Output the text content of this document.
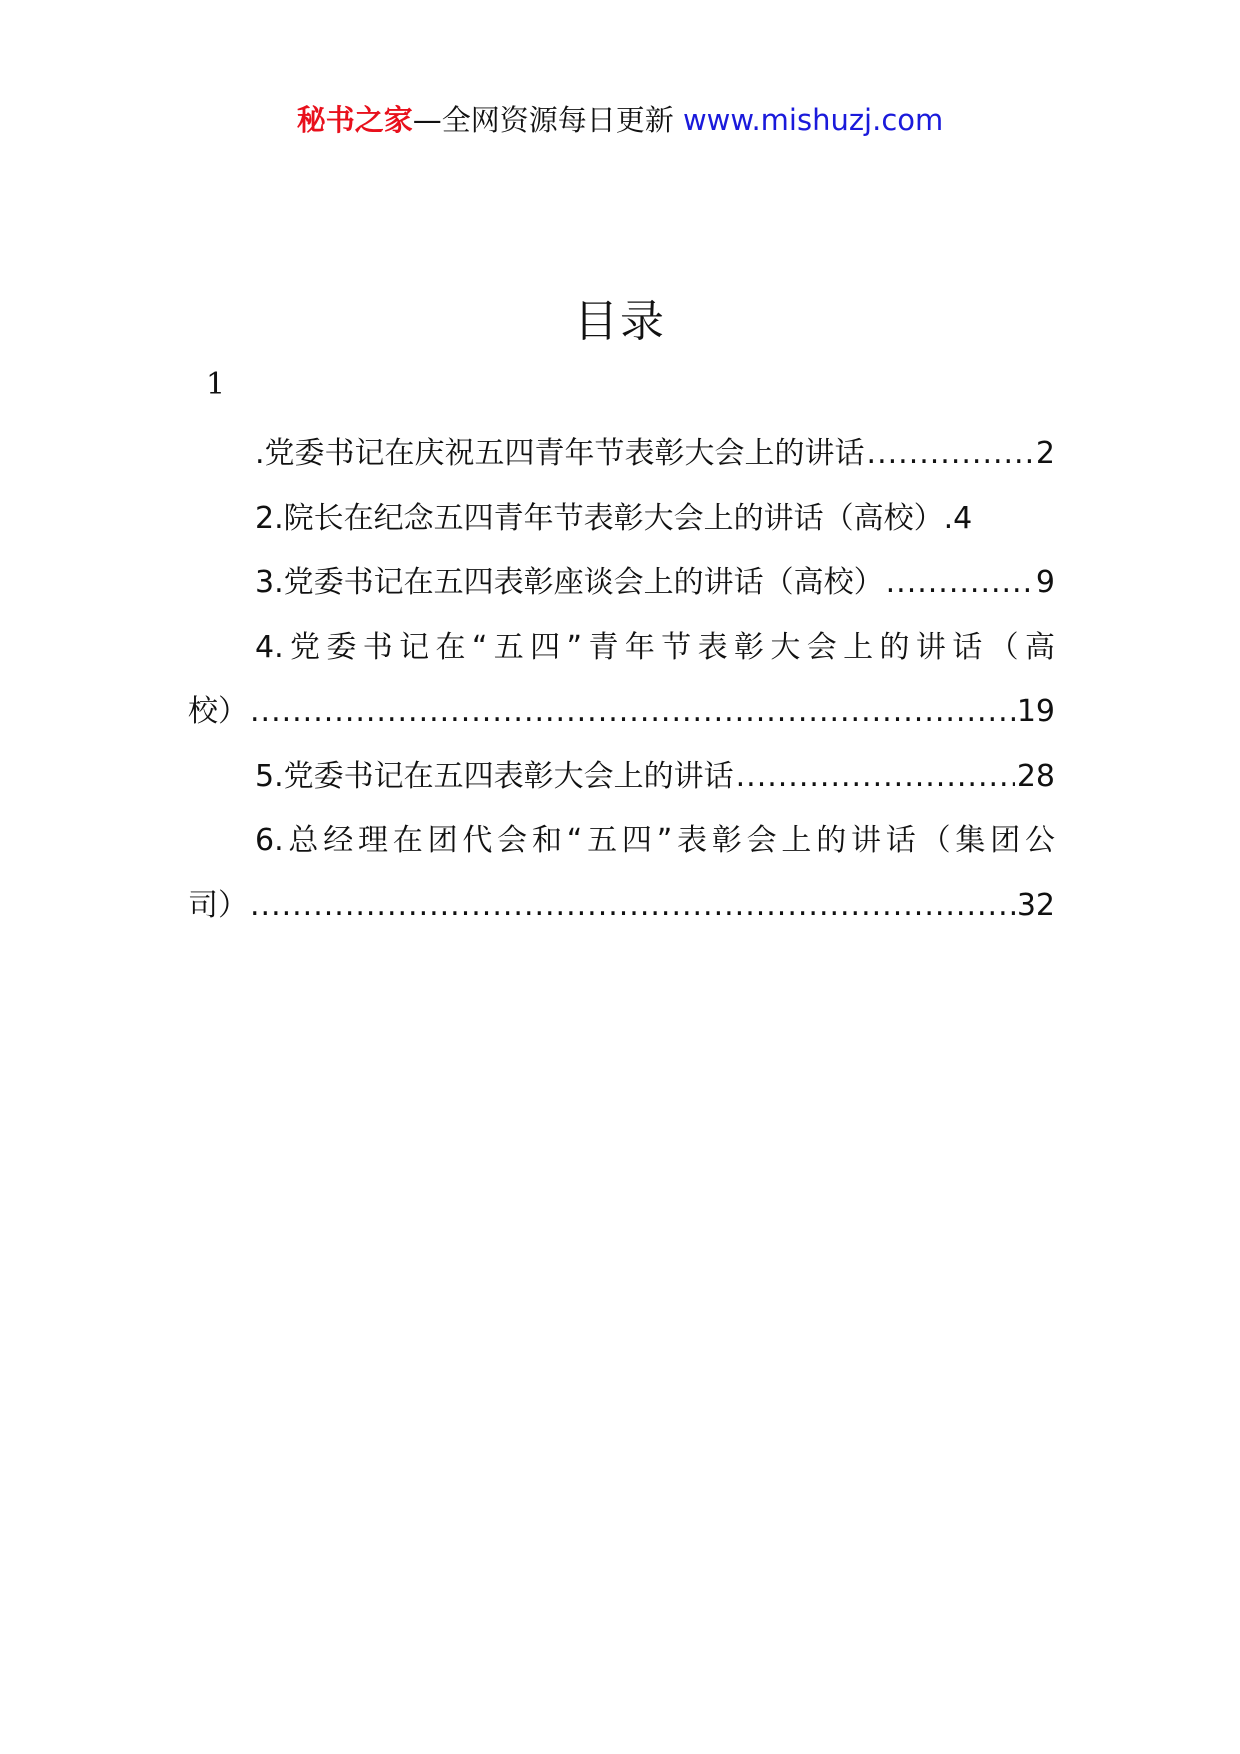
秘书之家—全网资源每日更新 www.mishuzj.com
目录
1
.党委书记在庆祝五四青年节表彰大会上的讲话 .....	2
2.院长在纪念五四青年节表彰大会上的讲话（高校） .4
3.党委书记在五四表彰座谈会上的讲话（高校） .....	9
4.党委书记在“五四”青年节表彰大会上的讲话（高
校） .....	19
5.党委书记在五四表彰大会上的讲话 .....	28
6.总经理在团代会和“五四”表彰会上的讲话（集团公
司） .....	32
